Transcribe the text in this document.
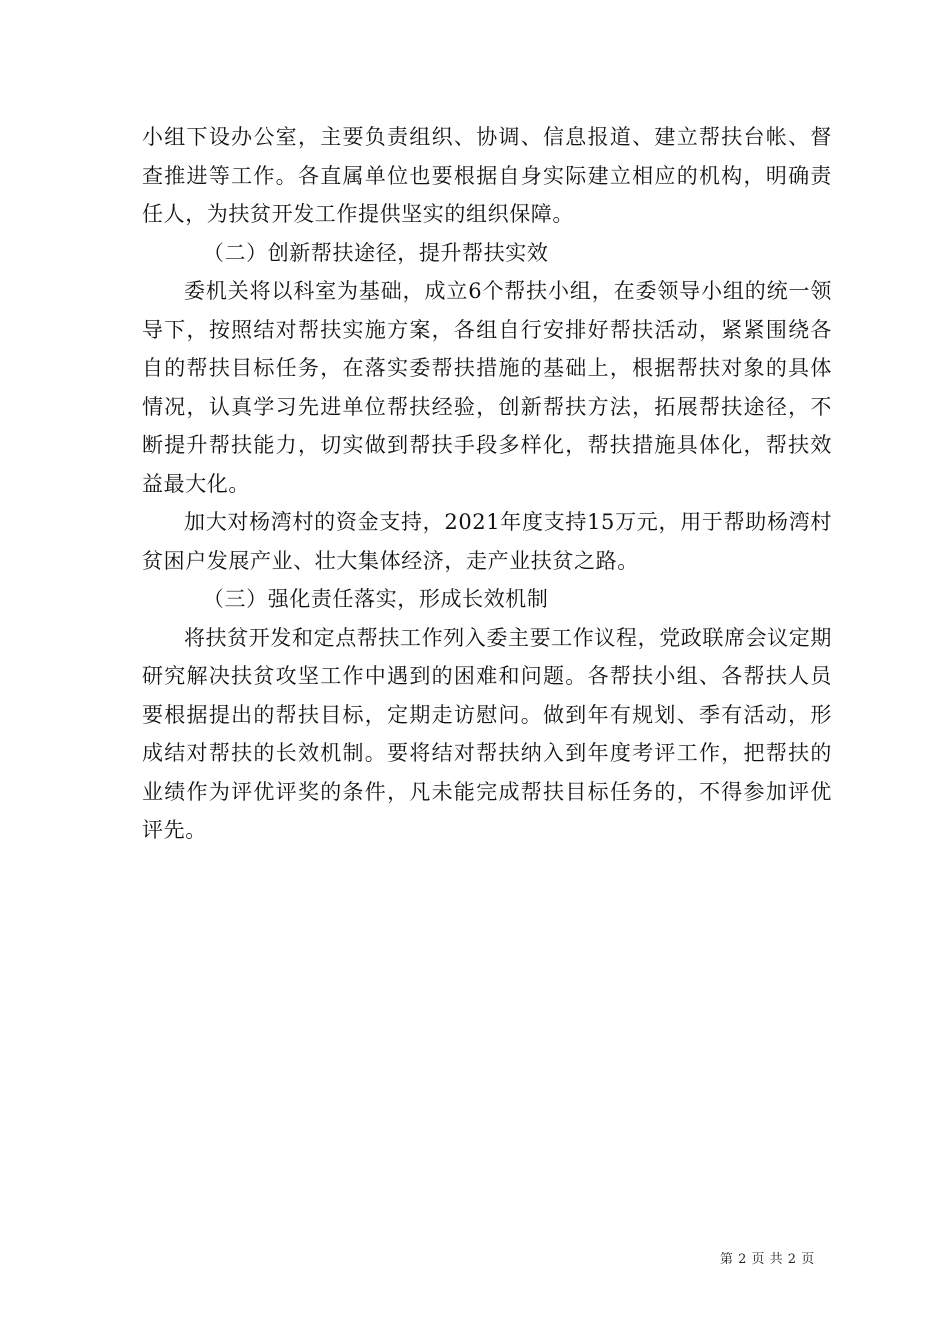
小组下设办公室，主要负责组织、协调、信息报道、建立帮扶台帐、督查推进等工作。各直属单位也要根据自身实际建立相应的机构，明确责任人，为扶贫开发工作提供坚实的组织保障。

（二）创新帮扶途径，提升帮扶实效

委机关将以科室为基础，成立6个帮扶小组，在委领导小组的统一领导下，按照结对帮扶实施方案，各组自行安排好帮扶活动，紧紧围绕各自的帮扶目标任务，在落实委帮扶措施的基础上，根据帮扶对象的具体情况，认真学习先进单位帮扶经验，创新帮扶方法，拓展帮扶途径，不断提升帮扶能力，切实做到帮扶手段多样化，帮扶措施具体化，帮扶效益最大化。

加大对杨湾村的资金支持，2021年度支持15万元，用于帮助杨湾村贫困户发展产业、壮大集体经济，走产业扶贫之路。

（三）强化责任落实，形成长效机制

将扶贫开发和定点帮扶工作列入委主要工作议程，党政联席会议定期研究解决扶贫攻坚工作中遇到的困难和问题。各帮扶小组、各帮扶人员要根据提出的帮扶目标，定期走访慰问。做到年有规划、季有活动，形成结对帮扶的长效机制。要将结对帮扶纳入到年度考评工作，把帮扶的业绩作为评优评奖的条件，凡未能完成帮扶目标任务的，不得参加评优评先。

第 2 页 共 2 页
